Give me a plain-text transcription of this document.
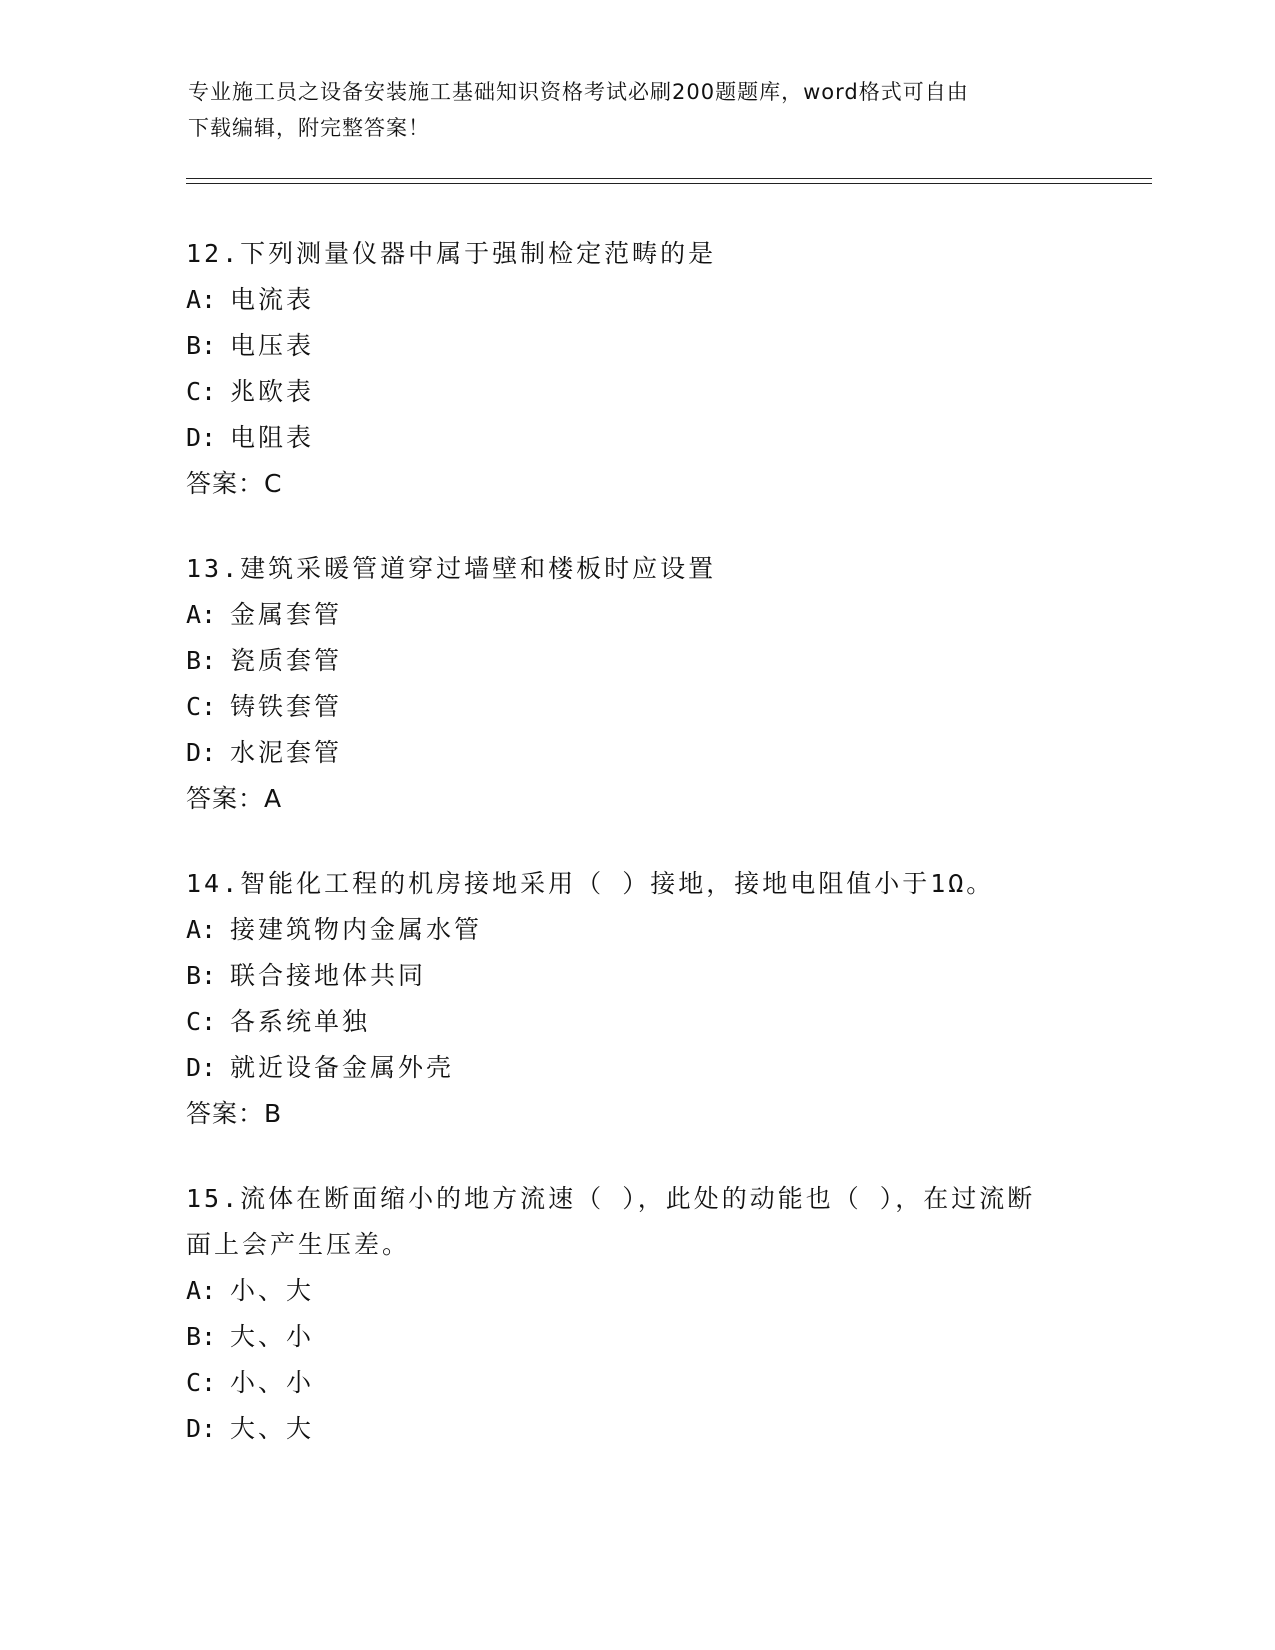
专业施工员之设备安装施工基础知识资格考试必刷200题题库，word格式可自由
下载编辑，附完整答案！
12.下列测量仪器中属于强制检定范畴的是
A: 电流表
B: 电压表
C: 兆欧表
D: 电阻表
答案：C
13.建筑采暖管道穿过墙壁和楼板时应设置
A: 金属套管
B: 瓷质套管
C: 铸铁套管
D: 水泥套管
答案：A
14.智能化工程的机房接地采用（ ）接地，接地电阻值小于1Ω。
A: 接建筑物内金属水管
B: 联合接地体共同
C: 各系统单独
D: 就近设备金属外壳
答案：B
15.流体在断面缩小的地方流速（ ），此处的动能也（ ），在过流断
面上会产生压差。
A: 小、大
B: 大、小
C: 小、小
D: 大、大
